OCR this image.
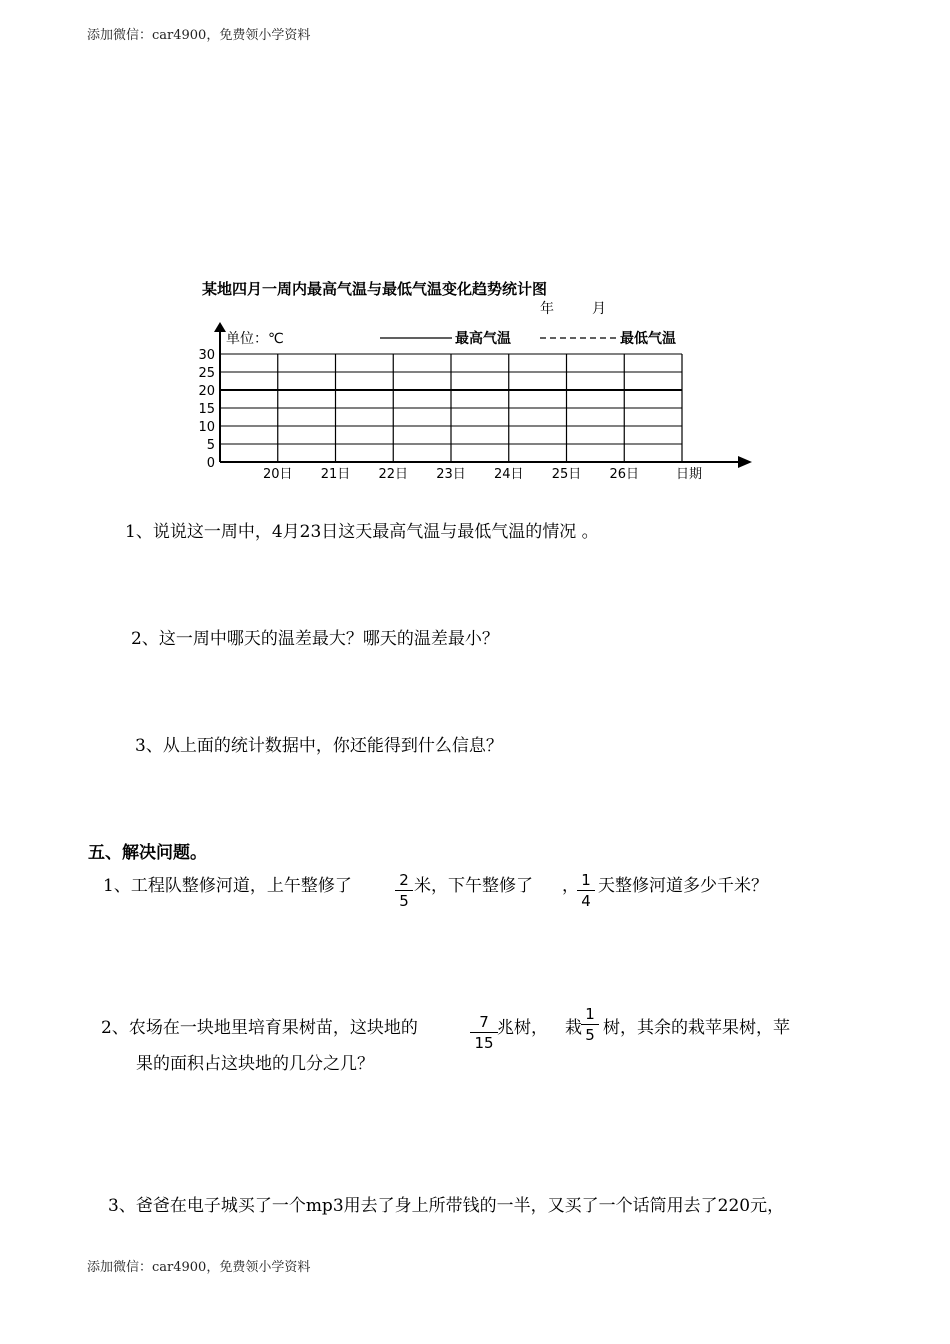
添加微信：car4900，免费领小学资料
某地四月一周内最高气温与最低气温变化趋势统计图
年	月
单位：℃	最高气温	最低气温
0
5
10
15
20
25
30
20日 21日 22日 23日 24日 25日 26日	日期
1、说说这一周中，4月23日这天最高气温与最低气温的情况 。
2、这一周中哪天的温差最大？哪天的温差最小？
3、从上面的统计数据中，你还能得到什么信息？
五、解决问题。
1、工程队整修河道，上午整修了	2
5
米，下午整修了 ， 1
4
天整修河道多少千米？
2、农场在一块地里培育果树苗，这块地的	7
15
兆树， 栽
1
5 树，其余的栽苹果树，苹
果的面积占这块地的几分之几？
3、爸爸在电子城买了一个mp3用去了身上所带钱的一半，又买了一个话筒用去了220元，
添加微信：car4900，免费领小学资料
